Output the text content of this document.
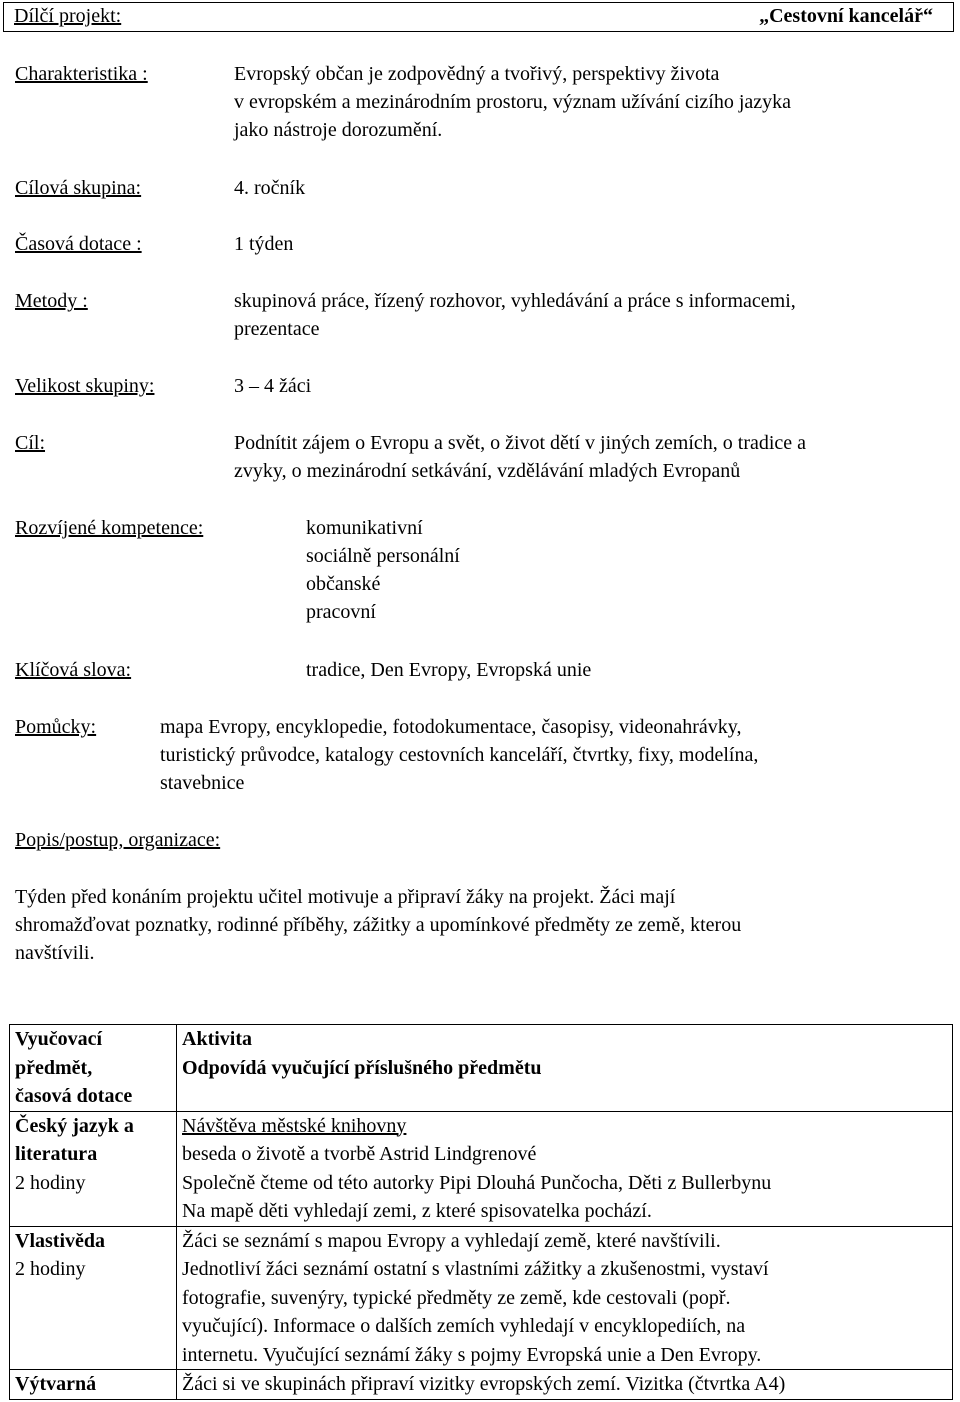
Dílčí projekt:	„Cestovní kancelář“
Charakteristika :	Evropský občan je zodpovědný a tvořivý, perspektivy života
v evropském a mezinárodním prostoru, význam užívání cizího jazyka
jako nástroje dorozumění.
Cílová skupina:	4. ročník
Časová dotace :	1 týden
Metody :	skupinová práce, řízený rozhovor, vyhledávání a práce s informacemi,
prezentace
Velikost skupiny:	3 – 4 žáci
Cíl:	Podnítit zájem o Evropu a svět, o život dětí v jiných zemích, o tradice a
zvyky, o mezinárodní setkávání, vzdělávání mladých Evropanů
Rozvíjené kompetence:	komunikativní
sociálně personální
občanské
pracovní
Klíčová slova:	tradice, Den Evropy, Evropská unie
Pomůcky:	mapa Evropy, encyklopedie, fotodokumentace, časopisy, videonahrávky,
turistický průvodce, katalogy cestovních kanceláří, čtvrtky, fixy, modelína,
stavebnice
Popis/postup, organizace:
Týden před konáním projektu učitel motivuje a připraví žáky na projekt. Žáci mají
shromažďovat poznatky, rodinné příběhy, zážitky a upomínkové předměty ze země, kterou
navštívili.
Vyučovací
předmět,
časová dotace	Aktivita
Odpovídá vyučující příslušného předmětu

Český jazyk a
literatura
2 hodiny	Návštěva městské knihovny
beseda o životě a tvorbě Astrid Lindgrenové
Společně čteme od této autorky Pipi Dlouhá Punčocha, Děti z Bullerbynu
Na mapě děti vyhledají zemi, z které spisovatelka pochází.

Vlastivěda
2 hodiny	Žáci se seznámí s mapou Evropy a vyhledají země, které navštívili.
Jednotliví žáci seznámí ostatní s vlastními zážitky a zkušenostmi, vystaví
fotografie, suvenýry, typické předměty ze země, kde cestovali (popř.
vyučující). Informace o dalších zemích vyhledají v encyklopediích, na
internetu. Vyučující seznámí žáky s pojmy Evropská unie a Den Evropy.

Výtvarná	Žáci si ve skupinách připraví vizitky evropských zemí. Vizitka (čtvrtka A4)
